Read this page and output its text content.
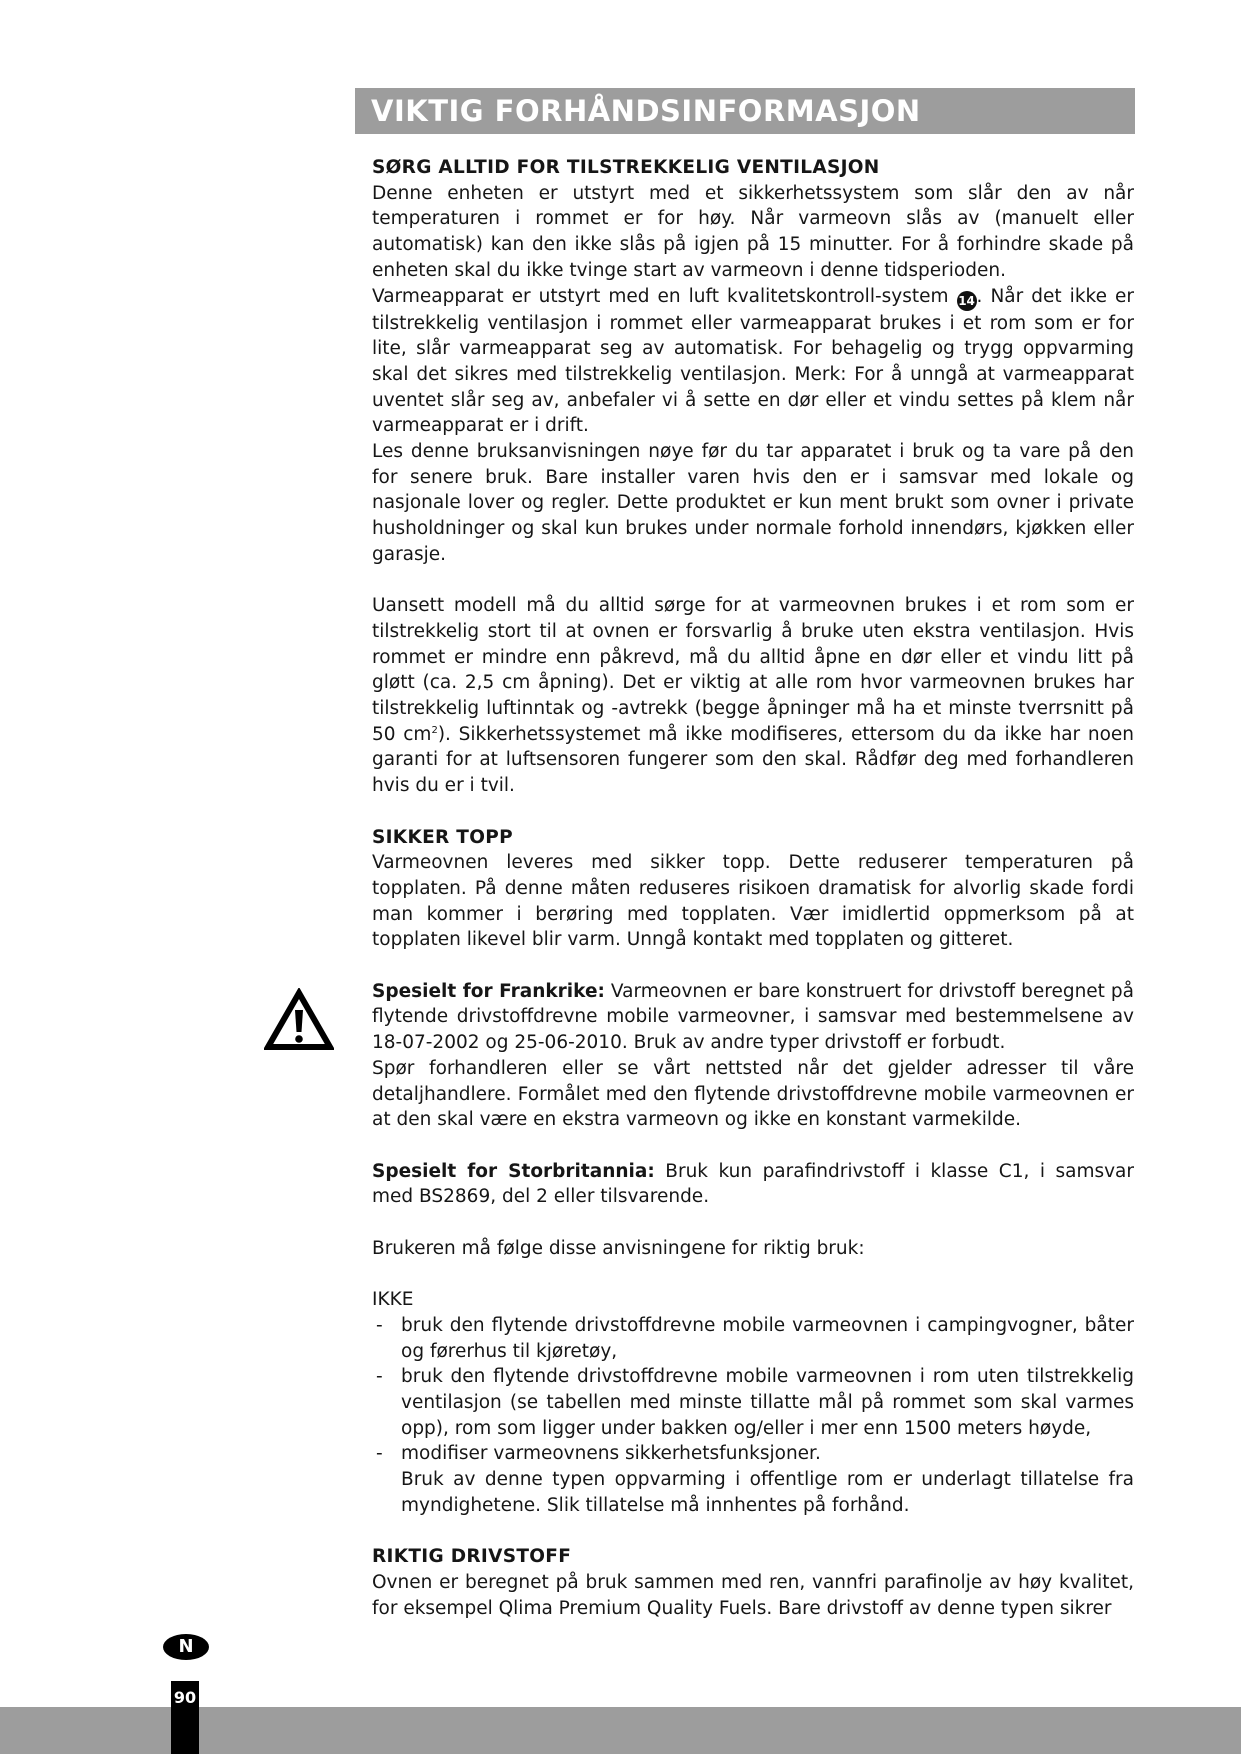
VIKTIG FORHÅNDSINFORMASJON
SØRG ALLTID FOR TILSTREKKELIG VENTILASJON

Denne enheten er utstyrt med et sikkerhetssystem som slår den av når temperaturen i rommet er for høy. Når varmeovn slås av (manuelt eller automatisk) kan den ikke slås på igjen på 15 minutter. For å forhindre skade på enheten skal du ikke tvinge start av varmeovn i denne tidsperioden.

Varmeapparat er utstyrt med en luft kvalitetskontroll-system 14. Når det ikke er tilstrekkelig ventilasjon i rommet eller varmeapparat brukes i et rom som er for lite, slår varmeapparat seg av automatisk. For behagelig og trygg oppvarming skal det sikres med tilstrekkelig ventilasjon. Merk: For å unngå at varmeapparat uventet slår seg av, anbefaler vi å sette en dør eller et vindu settes på klem når varmeapparat er i drift.

Les denne bruksanvisningen nøye før du tar apparatet i bruk og ta vare på den for senere bruk. Bare installer varen hvis den er i samsvar med lokale og nasjonale lover og regler. Dette produktet er kun ment brukt som ovner i private husholdninger og skal kun brukes under normale forhold innendørs, kjøkken eller garasje.

Uansett modell må du alltid sørge for at varmeovnen brukes i et rom som er tilstrekkelig stort til at ovnen er forsvarlig å bruke uten ekstra ventilasjon. Hvis rommet er mindre enn påkrevd, må du alltid åpne en dør eller et vindu litt på gløtt (ca. 2,5 cm åpning). Det er viktig at alle rom hvor varmeovnen brukes har tilstrekkelig luftinntak og -avtrekk (begge åpninger må ha et minste tverrsnitt på 50 $cm^2$). Sikkerhetssystemet må ikke modifiseres, ettersom du da ikke har noen garanti for at luftsensoren fungerer som den skal. Rådfør deg med forhandleren hvis du er i tvil.

SIKKER TOPP

Varmeovnen leveres med sikker topp. Dette reduserer temperaturen på topplaten. På denne måten reduseres risikoen dramatisk for alvorlig skade fordi man kommer i berøring med topplaten. Vær imidlertid oppmerksom på at topplaten likevel blir varm. Unngå kontakt med topplaten og gitteret.

Spesielt for Frankrike: Varmeovnen er bare konstruert for drivstoff beregnet på flytende drivstoffdrevne mobile varmeovner, i samsvar med bestemmelsene av 18-07-2002 og 25-06-2010. Bruk av andre typer drivstoff er forbudt.

Spør forhandleren eller se vårt nettsted når det gjelder adresser til våre detaljhandlere. Formålet med den flytende drivstoffdrevne mobile varmeovnen er at den skal være en ekstra varmeovn og ikke en konstant varmekilde.

Spesielt for Storbritannia: Bruk kun parafindrivstoff i klasse C1, i samsvar med BS2869, del 2 eller tilsvarende.

Brukeren må følge disse anvisningene for riktig bruk:

IKKE

- bruk den flytende drivstoffdrevne mobile varmeovnen i campingvogner, båter og førerhus til kjøretøy,
- bruk den flytende drivstoffdrevne mobile varmeovnen i rom uten tilstrekkelig ventilasjon (se tabellen med minste tillatte mål på rommet som skal varmes opp), rom som ligger under bakken og/eller i mer enn 1500 meters høyde,
- modifiser varmeovnens sikkerhetsfunksjoner.

Bruk av denne typen oppvarming i offentlige rom er underlagt tillatelse fra myndighetene. Slik tillatelse må innhentes på forhånd.

RIKTIG DRIVSTOFF

Ovnen er beregnet på bruk sammen med ren, vannfri parafinolje av høy kvalitet, for eksempel Qlima Premium Quality Fuels. Bare drivstoff av denne typen sikrer

N
90
